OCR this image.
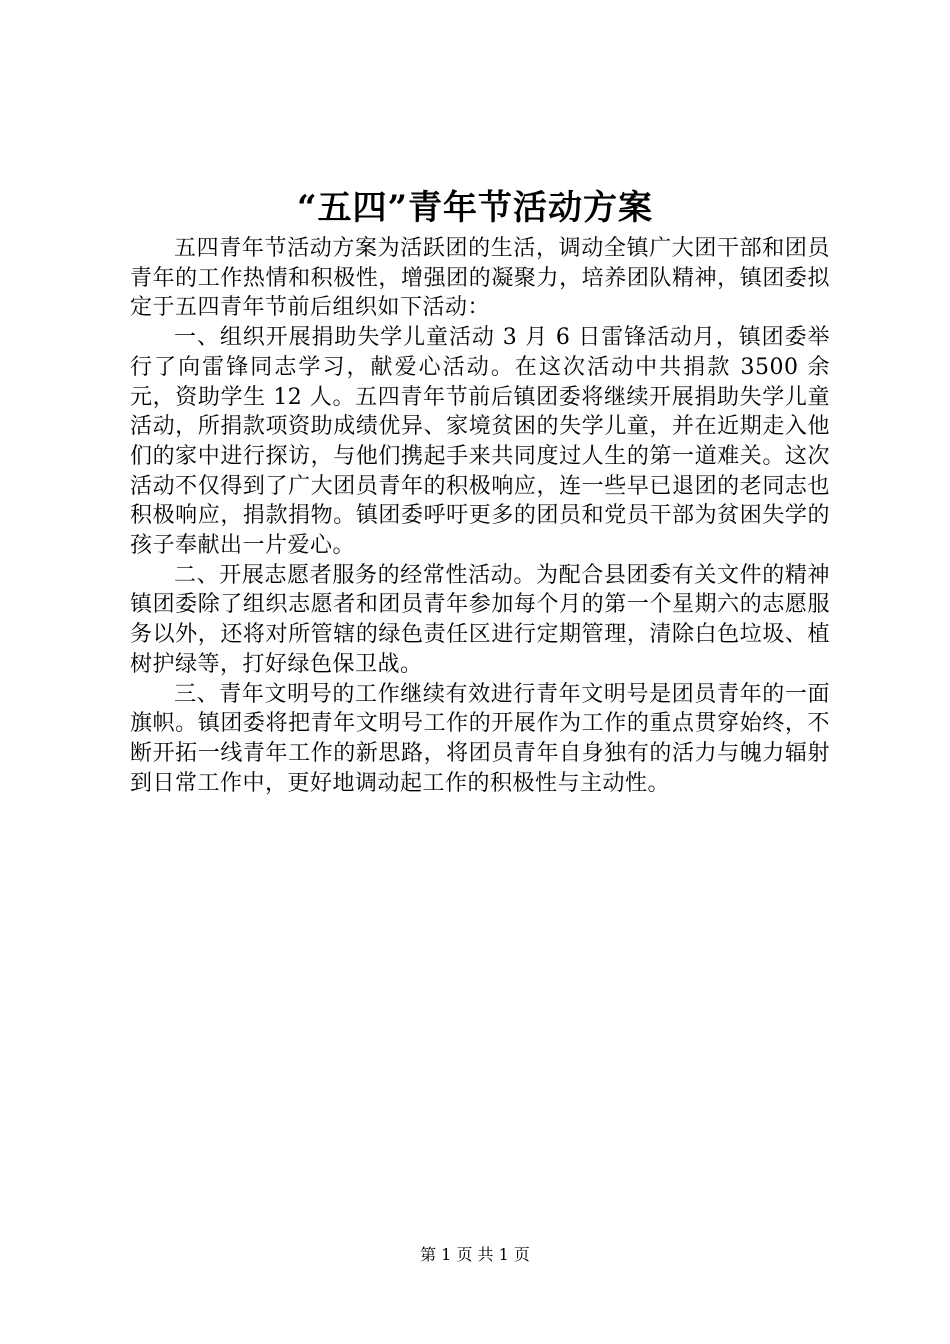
“五四”青年节活动方案

五四青年节活动方案为活跃团的生活，调动全镇广大团干部和团员青年的工作热情和积极性，增强团的凝聚力，培养团队精神，镇团委拟定于五四青年节前后组织如下活动：

一、组织开展捐助失学儿童活动 3 月 6 日雷锋活动月，镇团委举行了向雷锋同志学习，献爱心活动。在这次活动中共捐款 3500 余元，资助学生 12 人。五四青年节前后镇团委将继续开展捐助失学儿童活动，所捐款项资助成绩优异、家境贫困的失学儿童，并在近期走入他们的家中进行探访，与他们携起手来共同度过人生的第一道难关。这次活动不仅得到了广大团员青年的积极响应，连一些早已退团的老同志也积极响应，捐款捐物。镇团委呼吁更多的团员和党员干部为贫困失学的孩子奉献出一片爱心。

二、开展志愿者服务的经常性活动。为配合县团委有关文件的精神镇团委除了组织志愿者和团员青年参加每个月的第一个星期六的志愿服务以外，还将对所管辖的绿色责任区进行定期管理，清除白色垃圾、植树护绿等，打好绿色保卫战。

三、青年文明号的工作继续有效进行青年文明号是团员青年的一面旗帜。镇团委将把青年文明号工作的开展作为工作的重点贯穿始终，不断开拓一线青年工作的新思路，将团员青年自身独有的活力与魄力辐射到日常工作中，更好地调动起工作的积极性与主动性。

第 1 页 共 1 页
